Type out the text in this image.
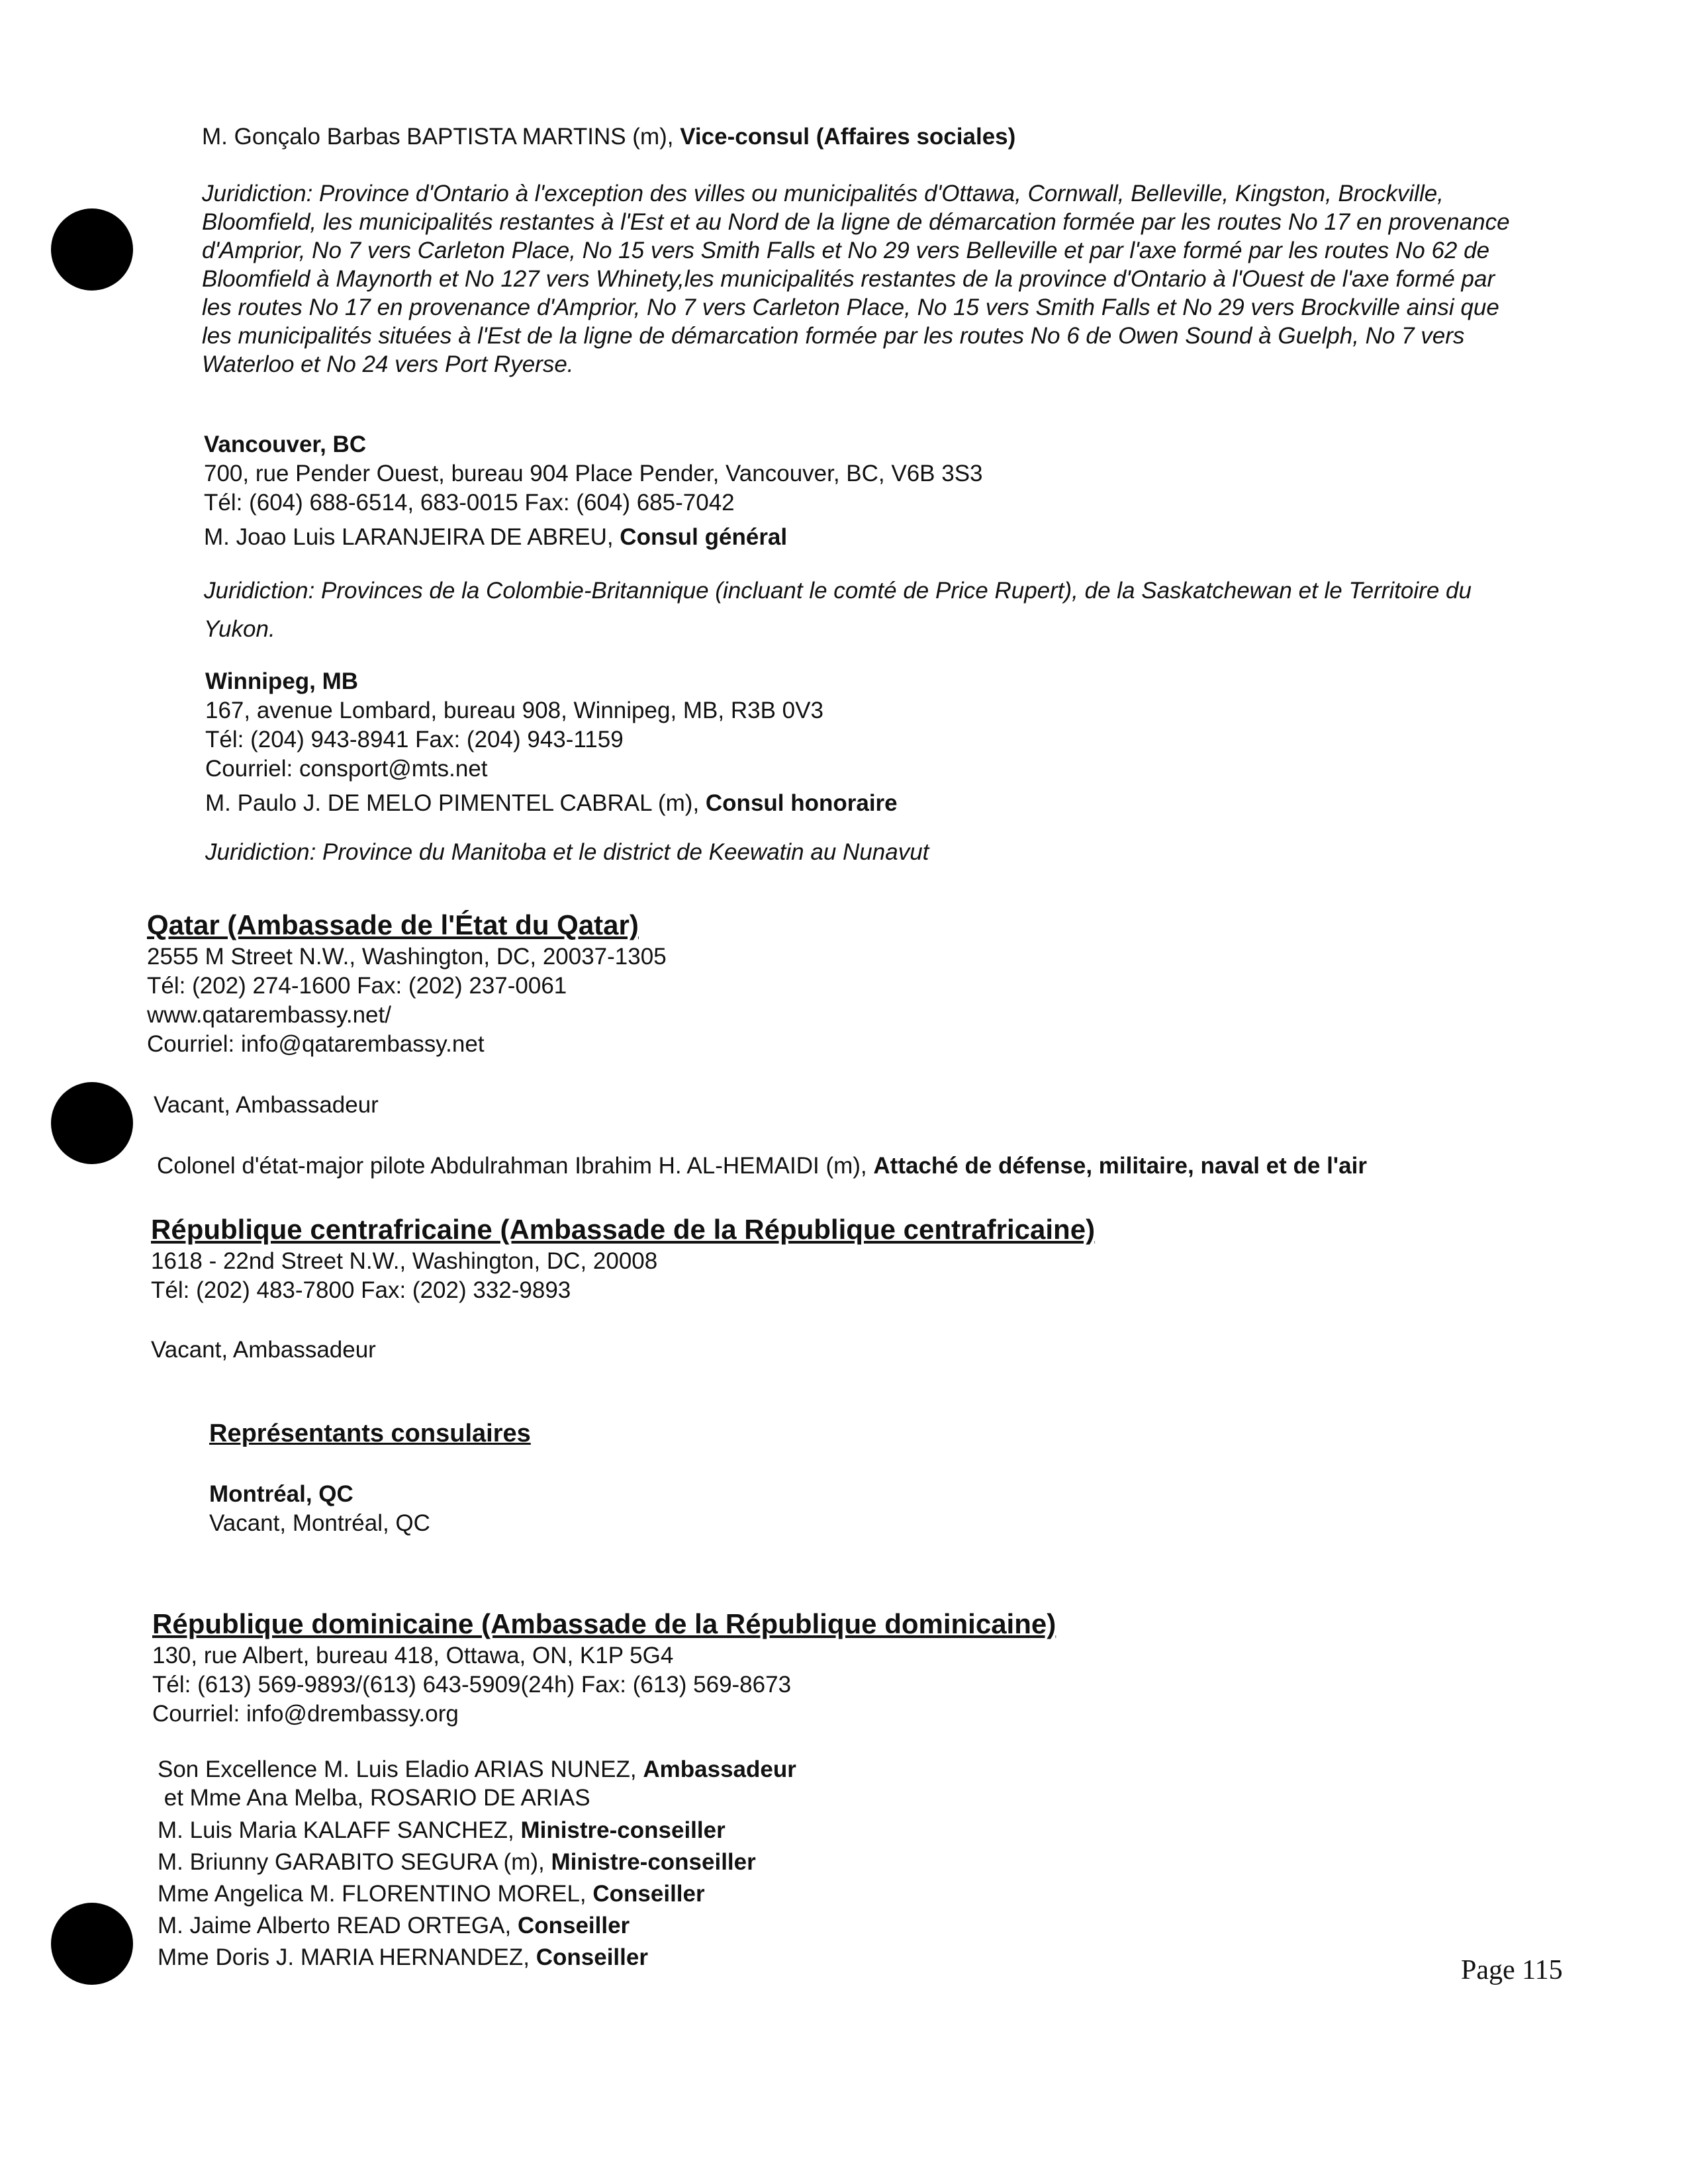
M. Gonçalo Barbas BAPTISTA MARTINS (m), Vice-consul (Affaires sociales)
Juridiction: Province d'Ontario à l'exception des villes ou municipalités d'Ottawa, Cornwall, Belleville, Kingston, Brockville, Bloomfield, les municipalités restantes à l'Est et au Nord de la ligne de démarcation formée par les routes No 17 en provenance d'Amprior, No 7 vers Carleton Place, No 15 vers Smith Falls et No 29 vers Belleville et par l'axe formé par les routes No 62 de Bloomfield à Maynorth et No 127 vers Whinety,les municipalités restantes de la province d'Ontario à l'Ouest de l'axe formé par les routes No 17 en provenance d'Amprior, No 7 vers Carleton Place, No 15 vers Smith Falls et No 29 vers Brockville ainsi que les municipalités situées à l'Est de la ligne de démarcation formée par les routes No 6 de Owen Sound à Guelph, No 7 vers Waterloo et No 24 vers Port Ryerse.
Vancouver, BC
700, rue Pender Ouest, bureau 904 Place Pender, Vancouver, BC, V6B 3S3
Tél: (604) 688-6514, 683-0015 Fax: (604) 685-7042
M. Joao Luis LARANJEIRA DE ABREU, Consul général
Juridiction: Provinces de la Colombie-Britannique (incluant le comté de Price Rupert), de la Saskatchewan et le Territoire du Yukon.
Winnipeg, MB
167, avenue Lombard, bureau 908, Winnipeg, MB, R3B 0V3
Tél: (204) 943-8941 Fax: (204) 943-1159
Courriel: consport@mts.net
M. Paulo J. DE MELO PIMENTEL CABRAL (m), Consul honoraire
Juridiction: Province du Manitoba et le district de Keewatin au Nunavut
Qatar (Ambassade de l'État du Qatar)
2555 M Street N.W., Washington, DC, 20037-1305
Tél: (202) 274-1600 Fax: (202) 237-0061
www.qatarembassy.net/
Courriel: info@qatarembassy.net
Vacant, Ambassadeur
Colonel d'état-major pilote Abdulrahman Ibrahim H. AL-HEMAIDI (m), Attaché de défense, militaire, naval et de l'air
République centrafricaine (Ambassade de la République centrafricaine)
1618 - 22nd Street N.W., Washington, DC, 20008
Tél: (202) 483-7800 Fax: (202) 332-9893
Vacant, Ambassadeur
Représentants consulaires
Montréal, QC
Vacant, Montréal, QC
République dominicaine (Ambassade de la République dominicaine)
130, rue Albert, bureau 418, Ottawa, ON, K1P 5G4
Tél: (613) 569-9893/(613) 643-5909(24h) Fax: (613) 569-8673
Courriel: info@drembassy.org
Son Excellence M. Luis Eladio ARIAS NUNEZ, Ambassadeur
et Mme Ana Melba, ROSARIO DE ARIAS
M. Luis Maria KALAFF SANCHEZ, Ministre-conseiller
M. Briunny GARABITO SEGURA (m), Ministre-conseiller
Mme Angelica M. FLORENTINO MOREL, Conseiller
M. Jaime Alberto READ ORTEGA, Conseiller
Mme Doris J. MARIA HERNANDEZ, Conseiller	Page 115
